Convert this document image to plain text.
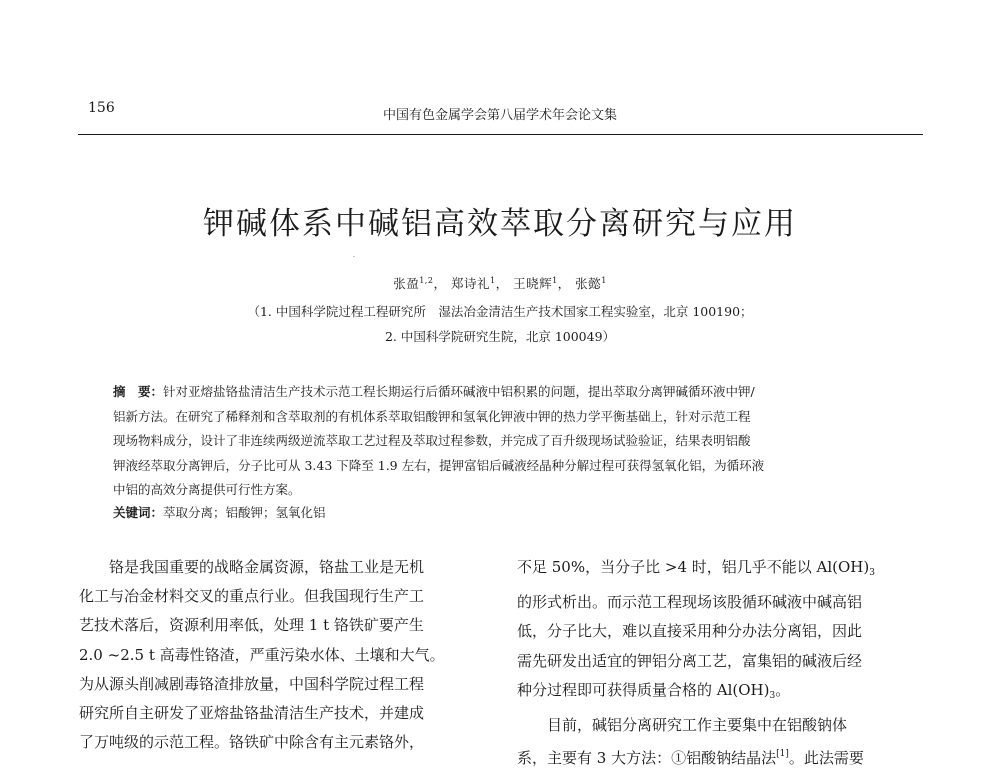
156	中国有色金属学会第八届学术年会论文集
钾碱体系中碱铝高效萃取分离研究与应用
·
张盈$^{1,2}$， 郑诗礼$^1$， 王晓辉$^1$， 张懿$^1$
（1. 中国科学院过程工程研究所　湿法冶金清洁生产技术国家工程实验室，北京 100190；
2. 中国科学院研究生院，北京 100049）
摘　要：针对亚熔盐铬盐清洁生产技术示范工程长期运行后循环碱液中铝积累的问题，提出萃取分离钾碱循环液中钾/
铝新方法。在研究了稀释剂和含萃取剂的有机体系萃取铝酸钾和氢氧化钾液中钾的热力学平衡基础上，针对示范工程
现场物料成分，设计了非连续两级逆流萃取工艺过程及萃取过程参数，并完成了百升级现场试验验证，结果表明铝酸
钾液经萃取分离钾后，分子比可从 3.43 下降至 1.9 左右，提钾富铝后碱液经晶种分解过程可获得氢氧化铝，为循环液
中铝的高效分离提供可行性方案。
关键词：萃取分离；铝酸钾；氢氧化铝
　　铬是我国重要的战略金属资源，铬盐工业是无机
化工与冶金材料交叉的重点行业。但我国现行生产工
艺技术落后，资源利用率低，处理 1 t 铬铁矿要产生
2.0 ~2.5 t 高毒性铬渣，严重污染水体、土壤和大气。
为从源头削减剧毒铬渣排放量，中国科学院过程工程
研究所自主研发了亚熔盐铬盐清洁生产技术，并建成
了万吨级的示范工程。铬铁矿中除含有主元素铬外，
不足 50%，当分子比 >4 时，铝几乎不能以 $Al(OH)_3$
的形式析出。而示范工程现场该股循环碱液中碱高铝
低，分子比大，难以直接采用种分办法分离铝，因此
需先研发出适宜的钾铝分离工艺，富集铝的碱液后经
种分过程即可获得质量合格的 $Al(OH)_3$。
　　目前，碱铝分离研究工作主要集中在铝酸钠体
系，主要有 3 大方法：①铝酸钠结晶法[1]。此法需要
